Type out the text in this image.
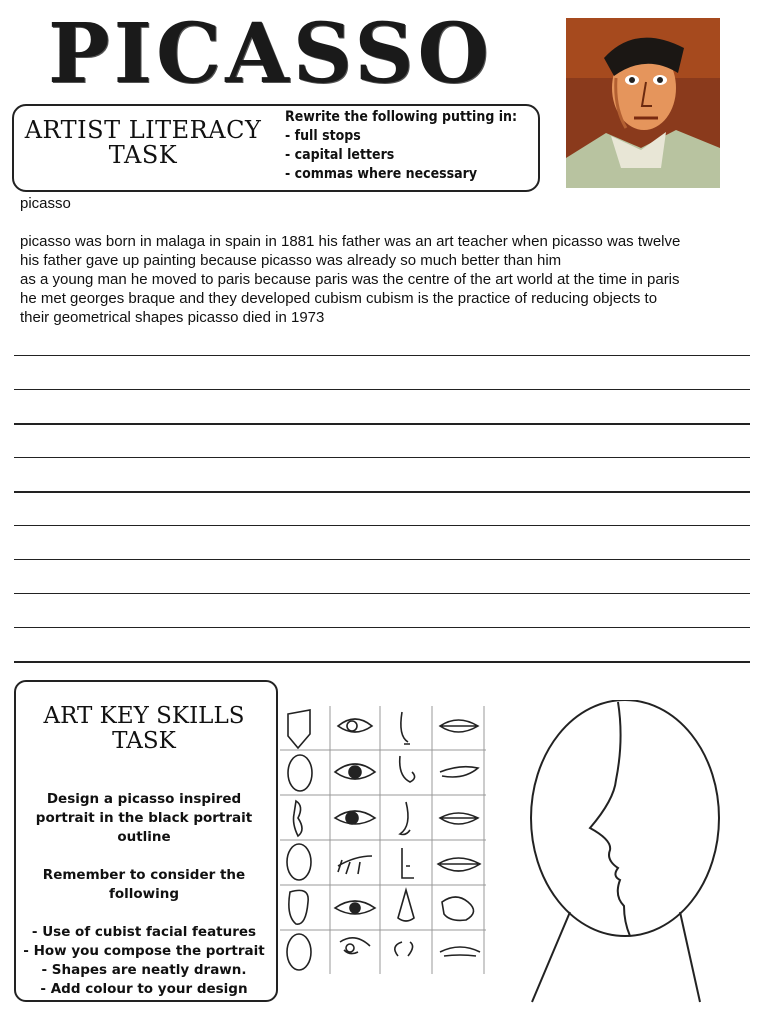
PICASSO
ARTIST LITERACY TASK
Rewrite the following putting in:
- full stops
- capital letters
- commas where necessary
picasso
picasso was born in malaga in spain in 1881 his father was an art teacher when picasso was twelve
his father gave up painting because picasso was already so much better than him
as a young man he moved to paris because paris was the centre of the art world at the time in paris
he met georges braque and they developed cubism cubism is the practice of reducing objects to
their geometrical shapes picasso died in 1973
ART KEY SKILLS TASK
Design a picasso inspired portrait in the black portrait outline
Remember to consider the following
- Use of cubist facial features
- How you compose the portrait
- Shapes are neatly drawn.
- Add colour to your design
